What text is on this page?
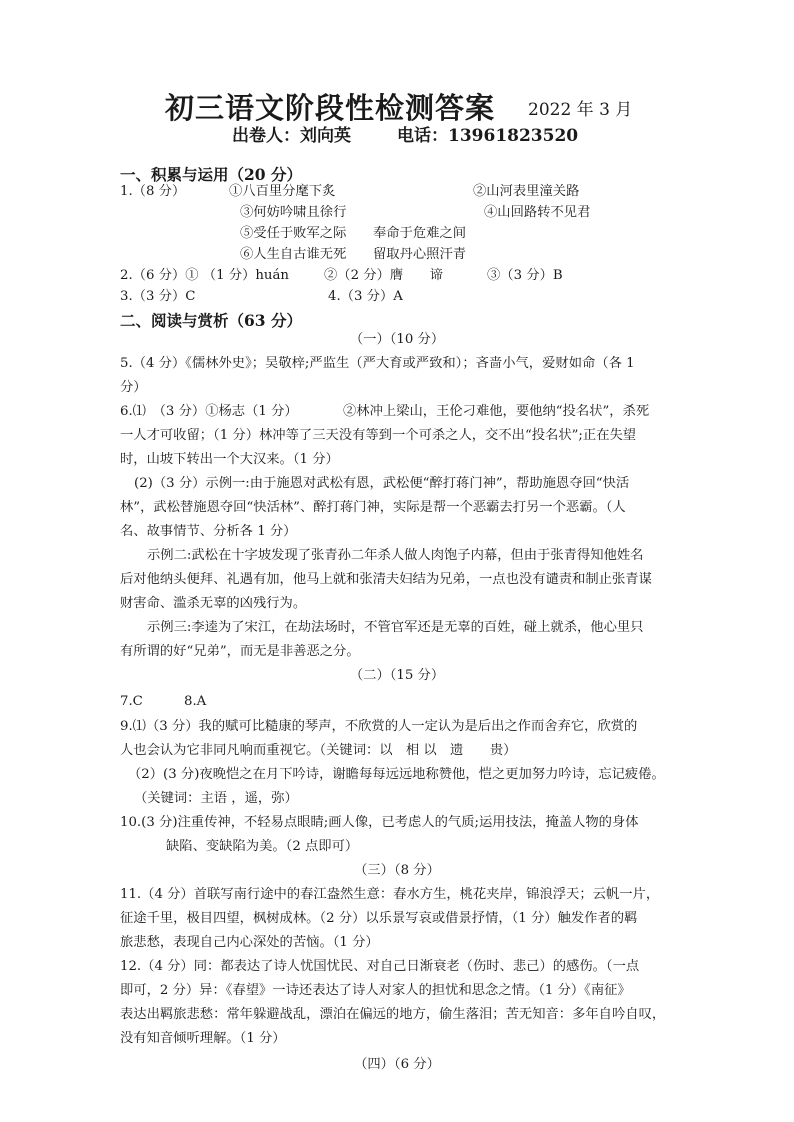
初三语文阶段性检测答案 2022 年 3 月
出卷人：刘向英	电话：13961823520
一、积累与运用（20 分）
1.（8 分）	①八百里分麾下炙	②山河表里潼关路
③何妨吟啸且徐行	④山回路转不见君
⑤受任于败军之际　　奉命于危难之间
⑥人生自古谁无死　　留取丹心照汗青
2.（6 分）① （1 分）huán	②（2 分）膺　　谛	③（3 分）B
3.（3 分）C	4.（3 分）A
二、阅读与赏析（63 分）
（一）（10 分）
5.（4 分）《儒林外史》；吴敬梓;严监生（严大育或严致和）；吝啬小气，爱财如命（各 1
分）
6.⑴　（3 分）①杨志（1 分）	②林冲上梁山，王伦刁难他，要他纳“投名状”，杀死
一人才可收留；（1 分）林冲等了三天没有等到一个可杀之人，交不出“投名状”;正在失望
时，山坡下转出一个大汉来。（1 分）
(2)（3 分）示例一:由于施恩对武松有恩，武松便“醉打蒋门神”，帮助施恩夺回“快活
林”，武松替施恩夺回“快活林”、醉打蒋门神，实际是帮一个恶霸去打另一个恶霸。（人
名、故事情节、分析各 1 分）
示例二:武松在十字坡发现了张青孙二年杀人做人肉饱子内幕，但由于张青得知他姓名
后对他纳头便拜、礼遇有加，他马上就和张清夫妇结为兄弟，一点也没有谴责和制止张青谋
财害命、滥杀无辜的凶残行为。
示例三:李逵为了宋江，在劫法场时，不管官军还是无辜的百姓，碰上就杀，他心里只
有所谓的好“兄弟”，而无是非善恶之分。
（二）（15 分）
7.C	8.A
9.⑴（3 分）我的赋可比糙康的琴声，不欣赏的人一定认为是后出之作而舍弃它，欣赏的
人也会认为它非同凡响而重视它。（关键词：以　相 以　遗　　贵）
（2）(3 分)夜晚恺之在月下吟诗，谢瞻每每远远地称赞他，恺之更加努力吟诗，忘记疲倦。
（关键词：主语 ，遥，弥）
10.(3 分)注重传神，不轻易点眼睛;画人像，已考虑人的气质;运用技法，掩盖人物的身体
缺陷、变缺陷为美。（2 点即可）
（三）（8 分）
11.（4 分）首联写南行途中的春江盎然生意：春水方生，桃花夹岸，锦浪浮天；云帆一片，
征途千里，极目四望，枫树成林。（2 分）以乐景写哀或借景抒情，（1 分）触发作者的羁
旅悲愁，表现自己内心深处的苦恼。（1 分）
12.（4 分）同：都表达了诗人忧国忧民、对自己日渐衰老（伤时、悲己）的感伤。（一点
即可，2 分）异：《春望》一诗还表达了诗人对家人的担忧和思念之情。（1 分）《南征》
表达出羁旅悲愁：常年躲避战乱，漂泊在偏远的地方，偷生落泪；苦无知音：多年自吟自叹，
没有知音倾听理解。（1 分）
（四）（6 分）
